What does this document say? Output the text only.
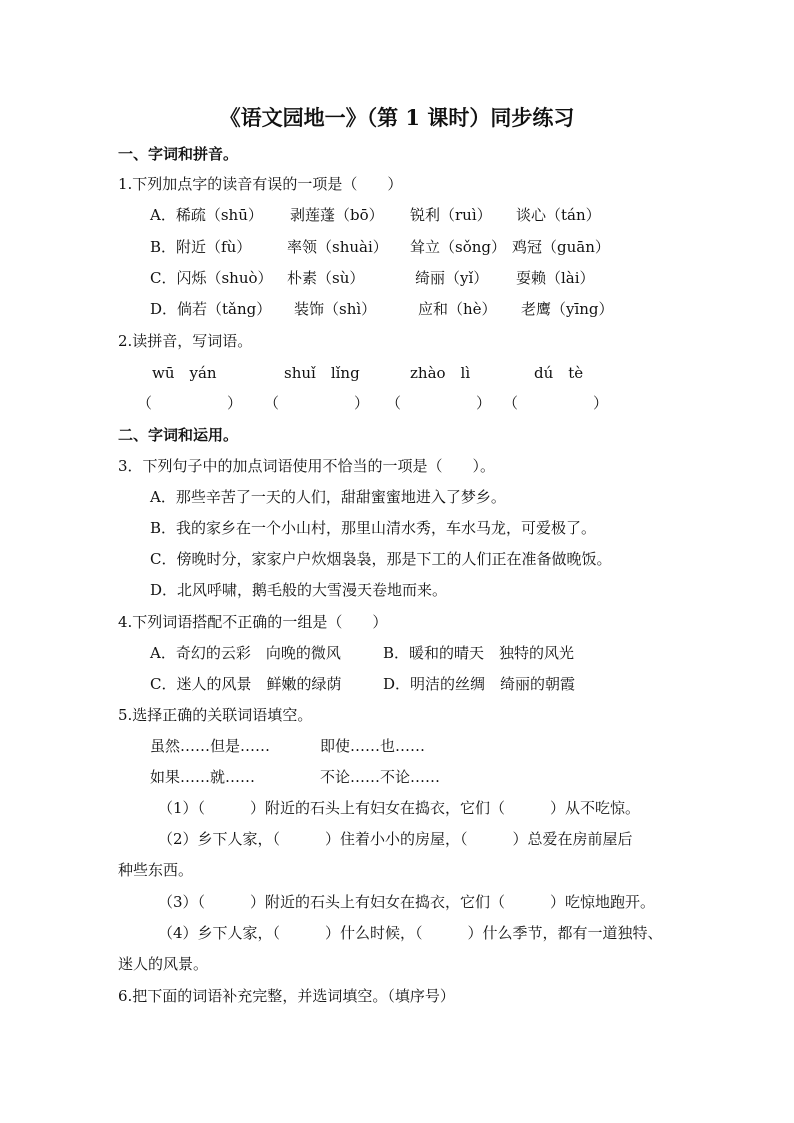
《语文园地一》（第 1 课时）同步练习
一、字词和拼音。
1.下列加点字的读音有误的一项是（　　）
A．稀疏（shū） 剥莲蓬（bō） 锐利（ruì） 谈心（tán）
B．附近（fù） 率领（shuài） 耸立（sǒng） 鸡冠（guān）
C．闪烁（shuò） 朴素（sù）	绮丽（yǐ） 耍赖（lài）
D．倘若（tǎng） 装饰（shì）	应和（hè） 老鹰（yīng）
2.读拼音，写词语。
wū　yán	shuǐ　lǐng	zhào　lì	dú　tè
（　　　　　） （　　　　　） （　　　　　） （　　　　　）
二、字词和运用。
3．下列句子中的加点词语使用不恰当的一项是（　　）。
A．那些辛苦了一天的人们，甜甜蜜蜜地进入了梦乡。
B．我的家乡在一个小山村，那里山清水秀，车水马龙，可爱极了。
C．傍晚时分，家家户户炊烟袅袅，那是下工的人们正在准备做晚饭。
D．北风呼啸，鹅毛般的大雪漫天卷地而来。
4.下列词语搭配不正确的一组是（　　）
A．奇幻的云彩　向晚的微风	B．暖和的晴天　独特的风光
C．迷人的风景　鲜嫩的绿荫	D．明洁的丝绸　绮丽的朝霞
5.选择正确的关联词语填空。
虽然……但是……	即使……也……
如果……就……	不论……不论……
（1）（　　　）附近的石头上有妇女在捣衣，它们（　　　）从不吃惊。
（2）乡下人家，（　　　）住着小小的房屋，（　　　）总爱在房前屋后
种些东西。
（3）（　　　）附近的石头上有妇女在捣衣，它们（　　　）吃惊地跑开。
（4）乡下人家，（　　　）什么时候，（　　　）什么季节，都有一道独特、
迷人的风景。
6.把下面的词语补充完整，并选词填空。（填序号）
